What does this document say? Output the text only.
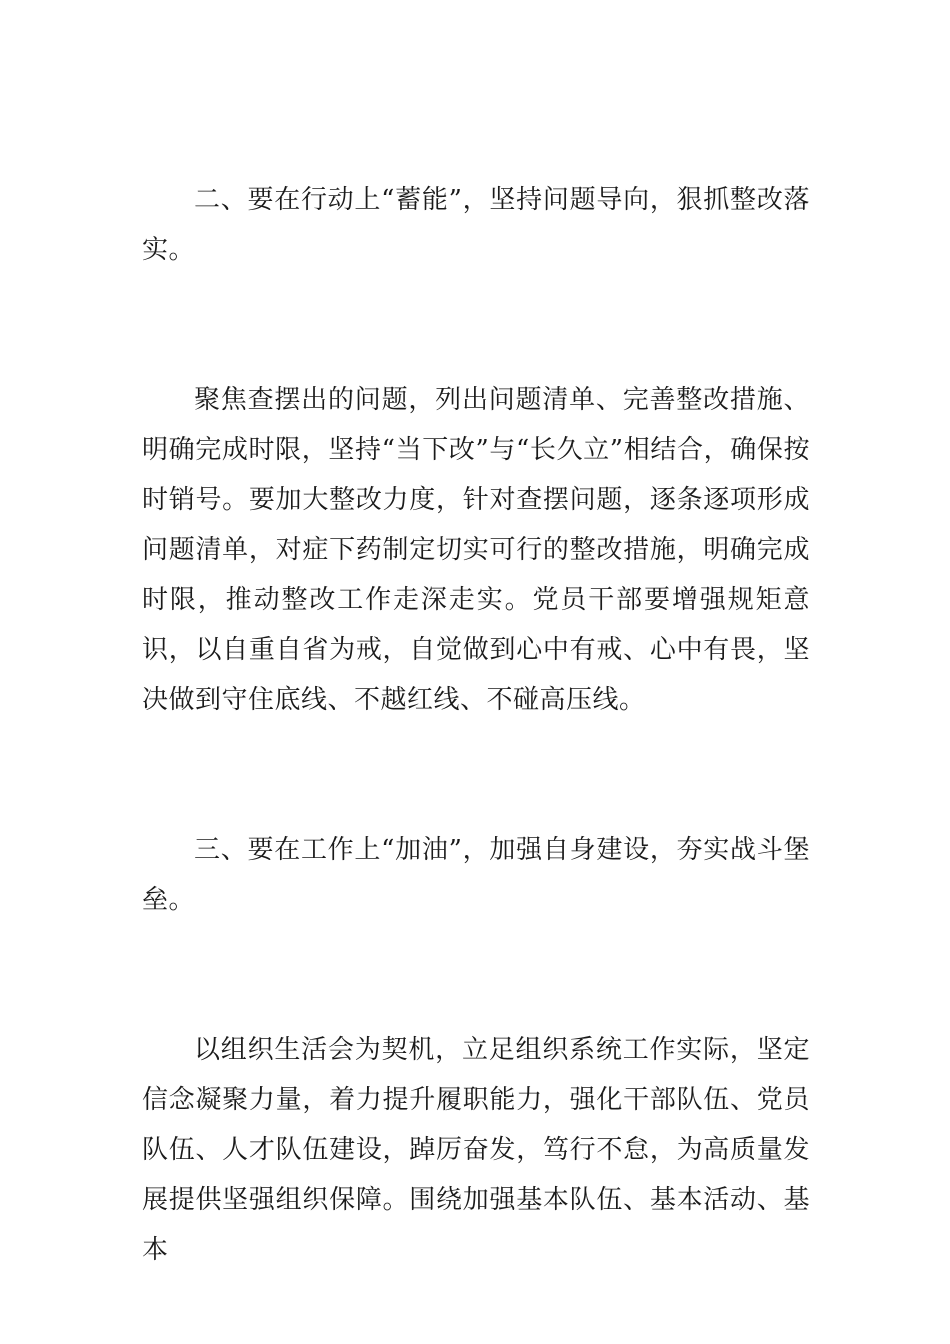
二、要在行动上“蓄能”，坚持问题导向，狠抓整改落实。

聚焦查摆出的问题，列出问题清单、完善整改措施、明确完成时限，坚持“当下改”与“长久立”相结合，确保按时销号。要加大整改力度，针对查摆问题，逐条逐项形成问题清单，对症下药制定切实可行的整改措施，明确完成时限，推动整改工作走深走实。党员干部要增强规矩意识，以自重自省为戒，自觉做到心中有戒、心中有畏，坚决做到守住底线、不越红线、不碰高压线。

三、要在工作上“加油”，加强自身建设，夯实战斗堡垒。

以组织生活会为契机，立足组织系统工作实际，坚定信念凝聚力量，着力提升履职能力，强化干部队伍、党员队伍、人才队伍建设，踔厉奋发，笃行不怠，为高质量发展提供坚强组织保障。围绕加强基本队伍、基本活动、基本
